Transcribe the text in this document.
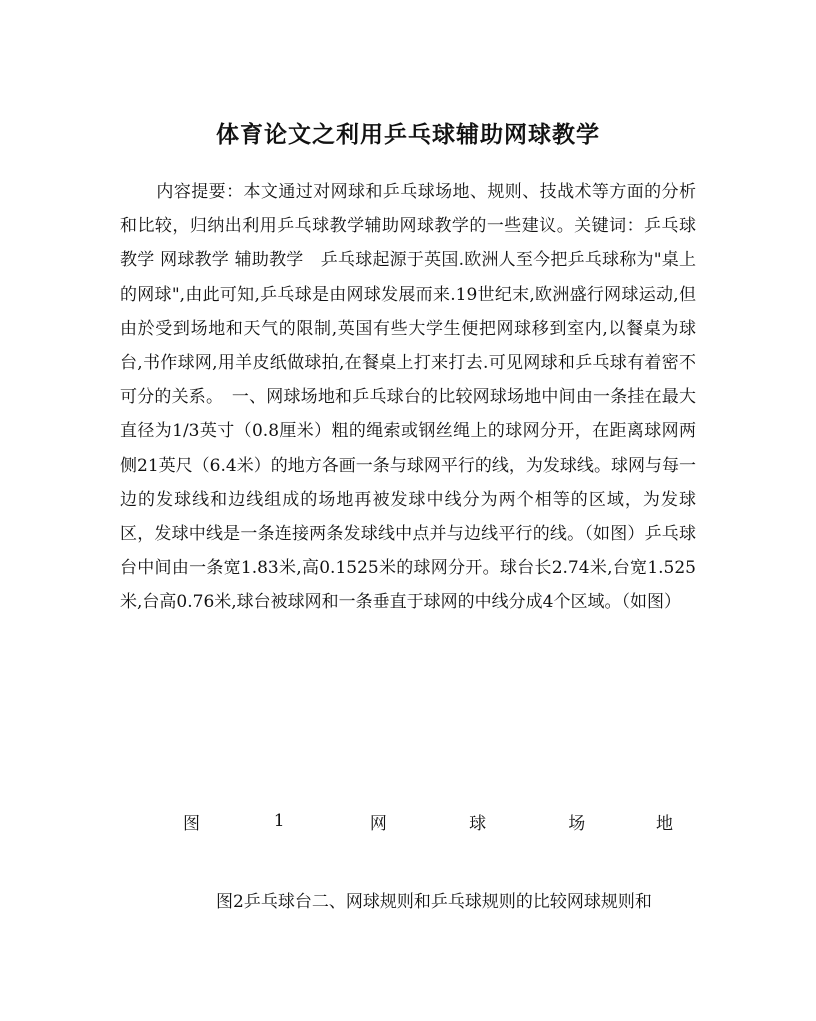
体育论文之利用乒乓球辅助网球教学
内容提要：本文通过对网球和乒乓球场地、规则、技战术等方面的分析和比较，归纳出利用乒乓球教学辅助网球教学的一些建议。关键词：乒乓球教学 网球教学 辅助教学　乒乓球起源于英国.欧洲人至今把乒乓球称为"桌上的网球",由此可知,乒乓球是由网球发展而来.19世纪末,欧洲盛行网球运动,但由於受到场地和天气的限制,英国有些大学生便把网球移到室内,以餐桌为球台,书作球网,用羊皮纸做球拍,在餐桌上打来打去.可见网球和乒乓球有着密不可分的关系。　一、网球场地和乒乓球台的比较网球场地中间由一条挂在最大直径为1/3英寸（0.8厘米）粗的绳索或钢丝绳上的球网分开，在距离球网两侧21英尺（6.4米）的地方各画一条与球网平行的线，为发球线。球网与每一边的发球线和边线组成的场地再被发球中线分为两个相等的区域，为发球区，发球中线是一条连接两条发球线中点并与边线平行的线。（如图）乒乓球台中间由一条宽1.83米,高0.1525米的球网分开。球台长2.74米,台宽1.525米,台高0.76米,球台被球网和一条垂直于球网的中线分成4个区域。（如图）
图	1	网	球	场	地
图2乒乓球台二、网球规则和乒乓球规则的比较网球规则和
